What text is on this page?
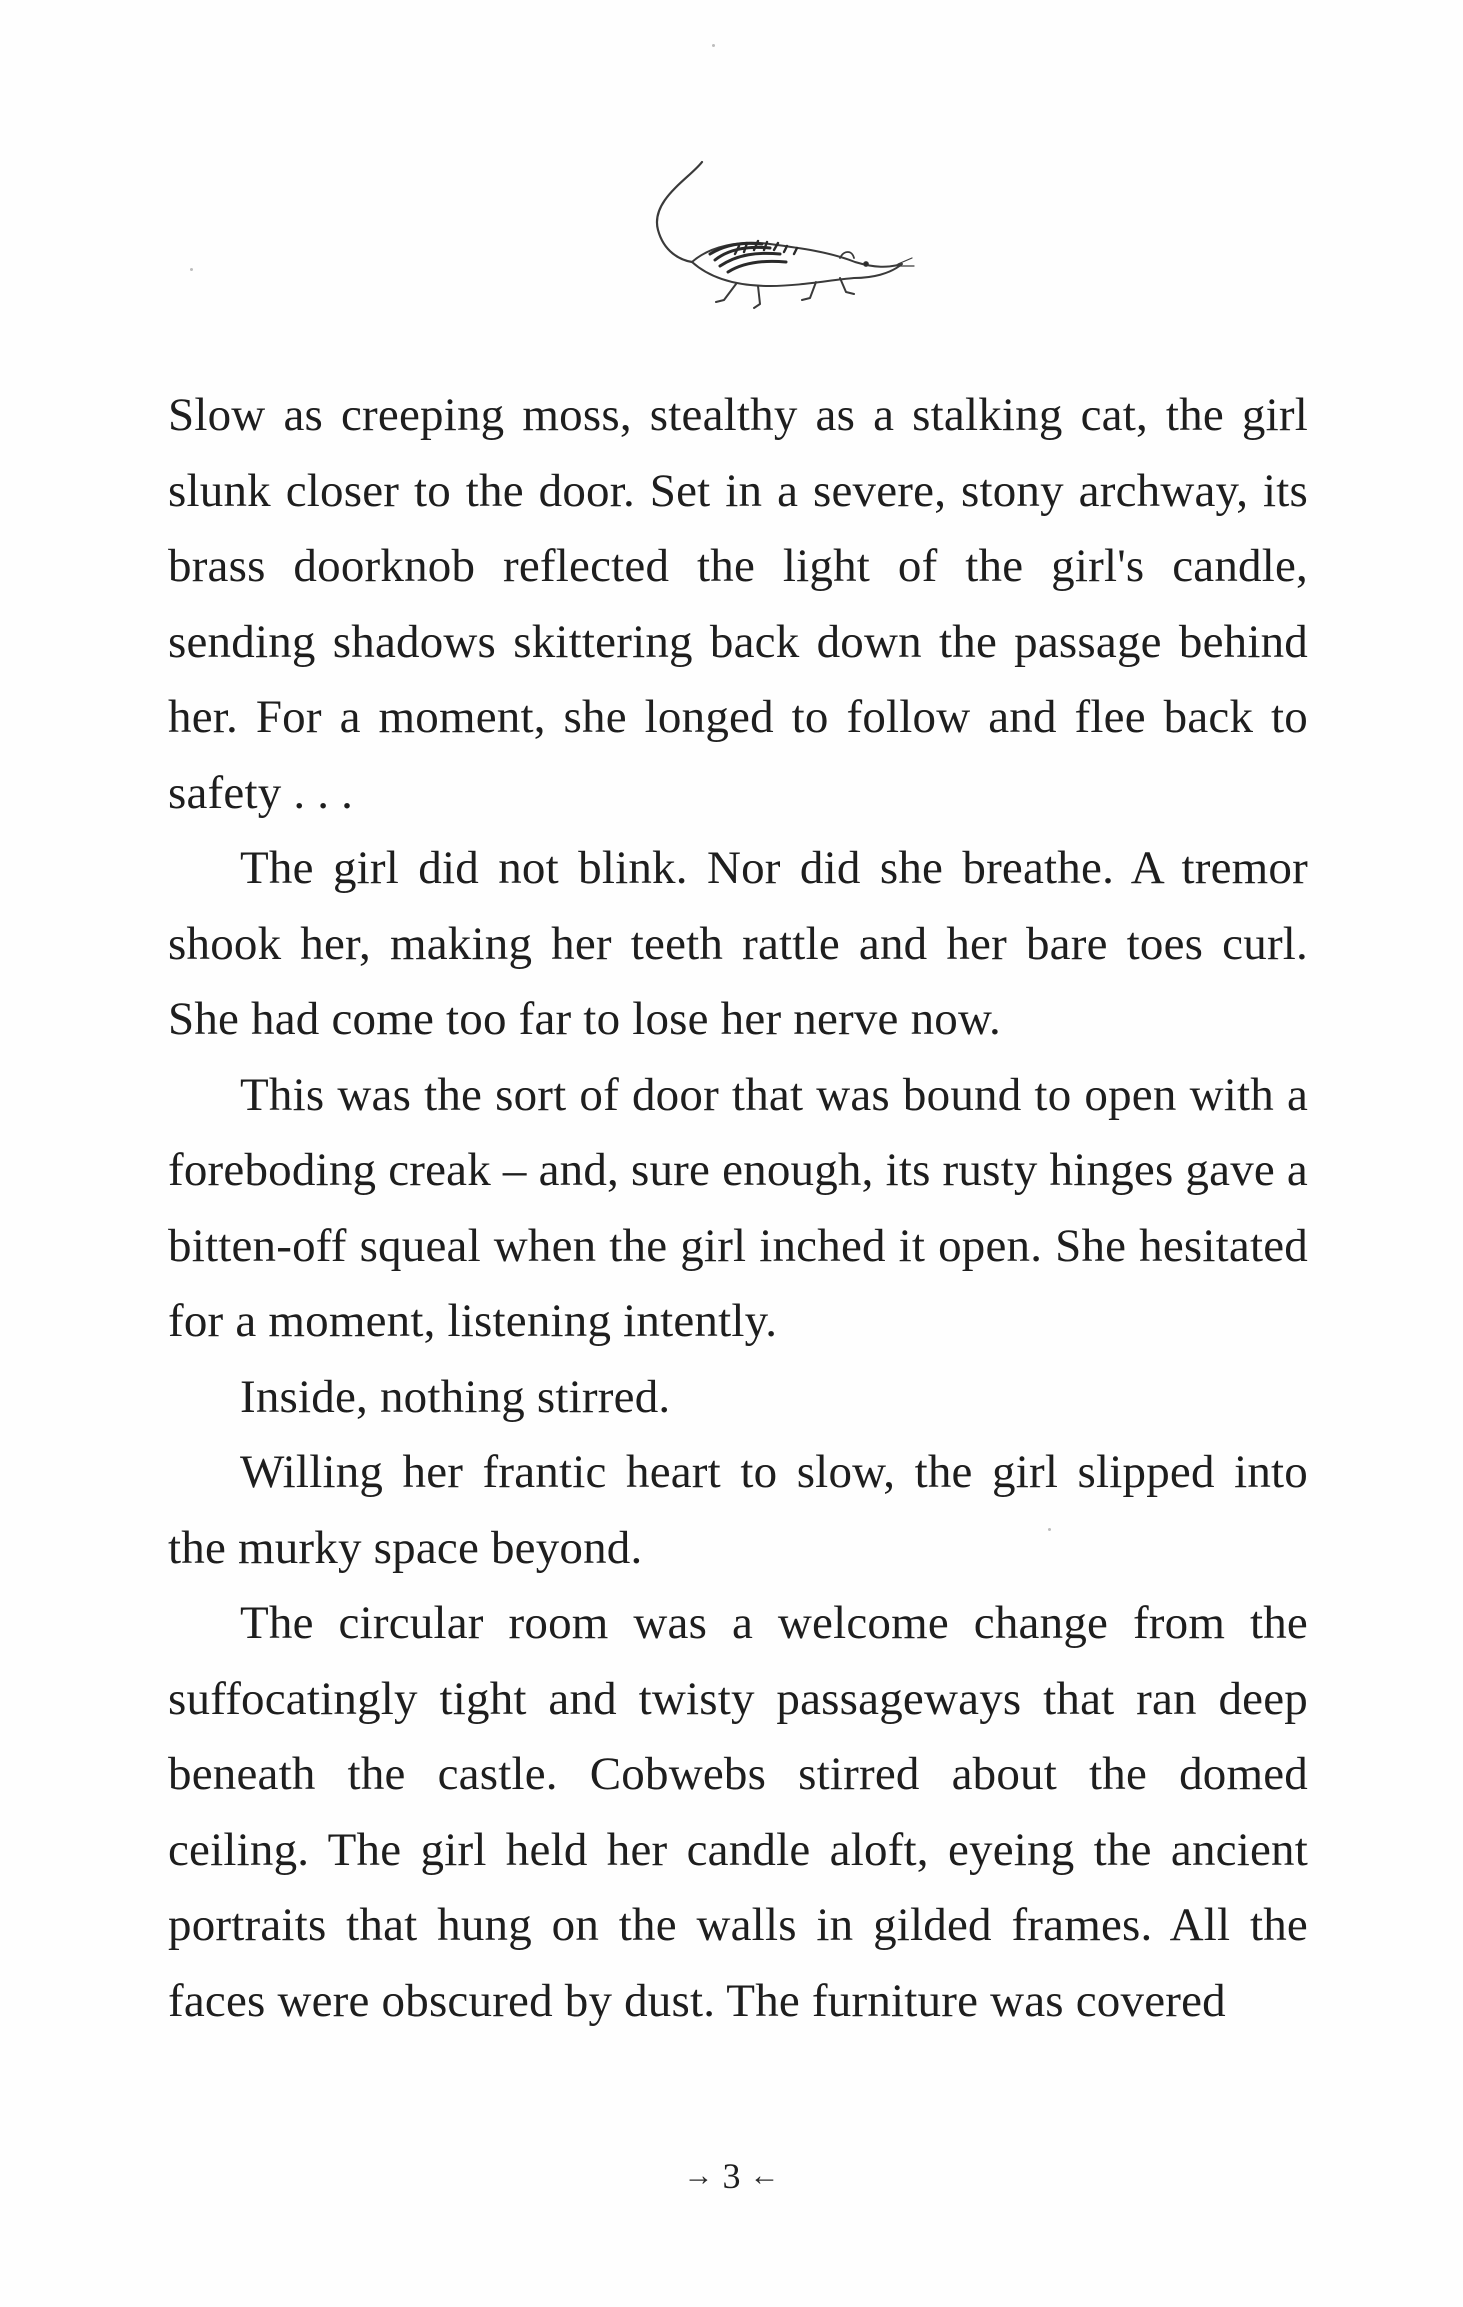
Slow as creeping moss, stealthy as a stalking cat, the girl slunk closer to the door. Set in a severe, stony archway, its brass doorknob reflected the light of the girl's candle, sending shadows skittering back down the passage behind her. For a moment, she longed to follow and flee back to safety . . .

The girl did not blink. Nor did she breathe. A tremor shook her, making her teeth rattle and her bare toes curl. She had come too far to lose her nerve now.

This was the sort of door that was bound to open with a foreboding creak – and, sure enough, its rusty hinges gave a bitten-off squeal when the girl inched it open. She hesitated for a moment, listening intently.

Inside, nothing stirred.

Willing her frantic heart to slow, the girl slipped into the murky space beyond.

The circular room was a welcome change from the suffocatingly tight and twisty passageways that ran deep beneath the castle. Cobwebs stirred about the domed ceiling. The girl held her candle aloft, eyeing the ancient portraits that hung on the walls in gilded frames. All the faces were obscured by dust. The furniture was covered

→ 3 ←
